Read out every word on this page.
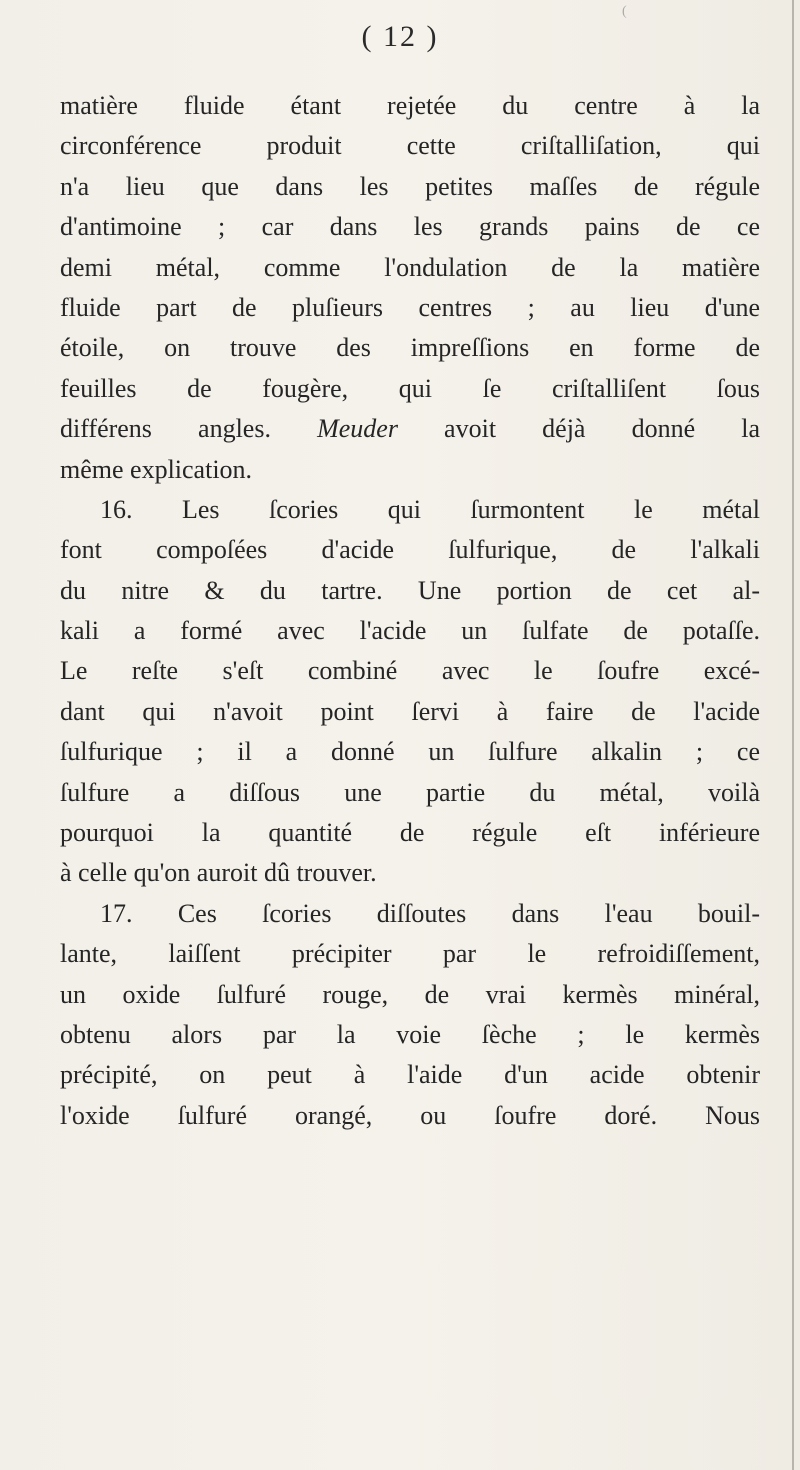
(
( 12 )
matière fluide étant rejetée du centre à la
circonférence produit cette criſtalliſation, qui
n'a lieu que dans les petites maſſes de régule
d'antimoine ; car dans les grands pains de ce
demi métal, comme l'ondulation de la matière
fluide part de pluſieurs centres ; au lieu d'une
étoile, on trouve des impreſſions en forme de
feuilles de fougère, qui ſe criſtalliſent ſous
différens angles. Meuder avoit déjà donné la
même explication.
16. Les ſcories qui ſurmontent le métal
font compoſées d'acide ſulfurique, de l'alkali
du nitre & du tartre. Une portion de cet al-
kali a formé avec l'acide un ſulfate de potaſſe.
Le reſte s'eſt combiné avec le ſoufre excé-
dant qui n'avoit point ſervi à faire de l'acide
ſulfurique ; il a donné un ſulfure alkalin ; ce
ſulfure a diſſous une partie du métal, voilà
pourquoi la quantité de régule eſt inférieure
à celle qu'on auroit dû trouver.
17. Ces ſcories diſſoutes dans l'eau bouil-
lante, laiſſent précipiter par le refroidiſſement,
un oxide ſulfuré rouge, de vrai kermès minéral,
obtenu alors par la voie ſèche ; le kermès
précipité, on peut à l'aide d'un acide obtenir
l'oxide ſulfuré orangé, ou ſoufre doré. Nous
